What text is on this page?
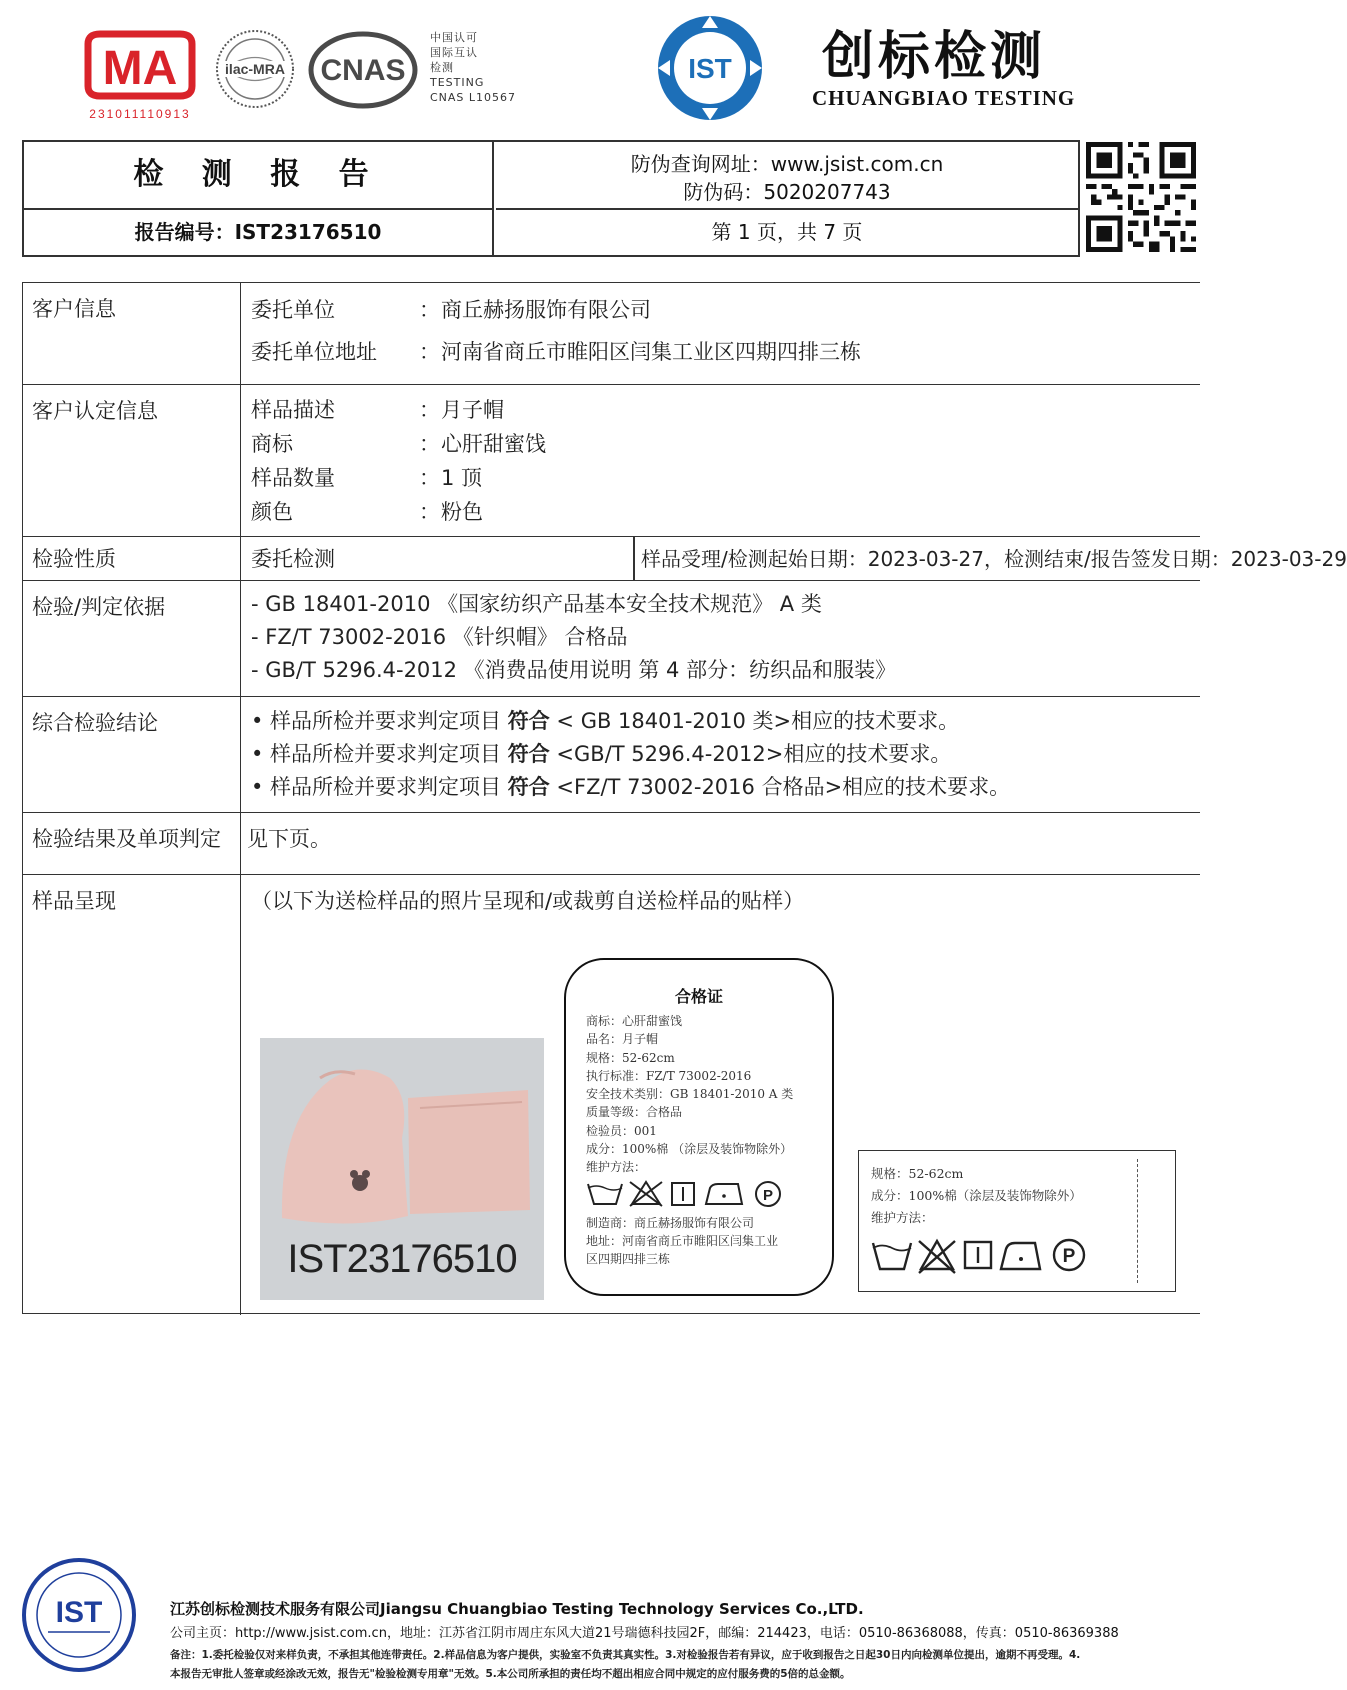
MA
231011110913
ilac-MRA CNAS
中国认可
国际互认
检测
TESTING
CNAS L10567
IST 创标检测
CHUANGBIAO TESTING
检 测 报 告
报告编号：IST23176510
防伪查询网址：www.jsist.com.cn
防伪码：5020207743
第 1 页，共 7 页
客户信息	委托单位	： 商丘赫扬服饰有限公司
委托单位地址	： 河南省商丘市睢阳区闫集工业区四期四排三栋
客户认定信息	样品描述	： 月子帽
商标	： 心肝甜蜜饯
样品数量	： 1 顶
颜色	： 粉色
检验性质	委托检测	样品受理/检测起始日期：2023-03-27，检测结束/报告签发日期：2023-03-29
检验/判定依据	- GB 18401-2010 《国家纺织产品基本安全技术规范》 A 类
- FZ/T 73002-2016 《针织帽》 合格品
- GB/T 5296.4-2012 《消费品使用说明 第 4 部分：纺织品和服装》
综合检验结论	• 样品所检并要求判定项目 符合 < GB 18401-2010 类>相应的技术要求。
• 样品所检并要求判定项目 符合 <GB/T 5296.4-2012>相应的技术要求。
• 样品所检并要求判定项目 符合 <FZ/T 73002-2016 合格品>相应的技术要求。
检验结果及单项判定	见下页。
样品呈现	（以下为送检样品的照片呈现和/或裁剪自送检样品的贴样）
IST23176510
合格证
商标：心肝甜蜜饯
品名：月子帽
规格：52-62cm
执行标准：FZ/T 73002-2016
安全技术类别：GB 18401-2010 A 类
质量等级：合格品
检验员：001
成分：100%棉 （涂层及装饰物除外）
维护方法：
P
制造商：商丘赫扬服饰有限公司
地址：河南省商丘市睢阳区闫集工业
区四期四排三栋
规格：52-62cm
成分：100%棉（涂层及装饰物除外）
维护方法：
P
IST	江苏创标检测技术服务有限公司Jiangsu Chuangbiao Testing Technology Services Co.,LTD.
公司主页：http://www.jsist.com.cn，地址：江苏省江阴市周庄东风大道21号瑞德科技园2F，邮编：214423，电话：0510-86368088，传真：0510-86369388
备注：1.委托检验仅对来样负责，不承担其他连带责任。2.样品信息为客户提供，实验室不负责其真实性。3.对检验报告若有异议，应于收到报告之日起30日内向检测单位提出，逾期不再受理。4.
本报告无审批人签章或经涂改无效，报告无"检验检测专用章"无效。5.本公司所承担的责任均不超出相应合同中规定的应付服务费的5倍的总金额。
